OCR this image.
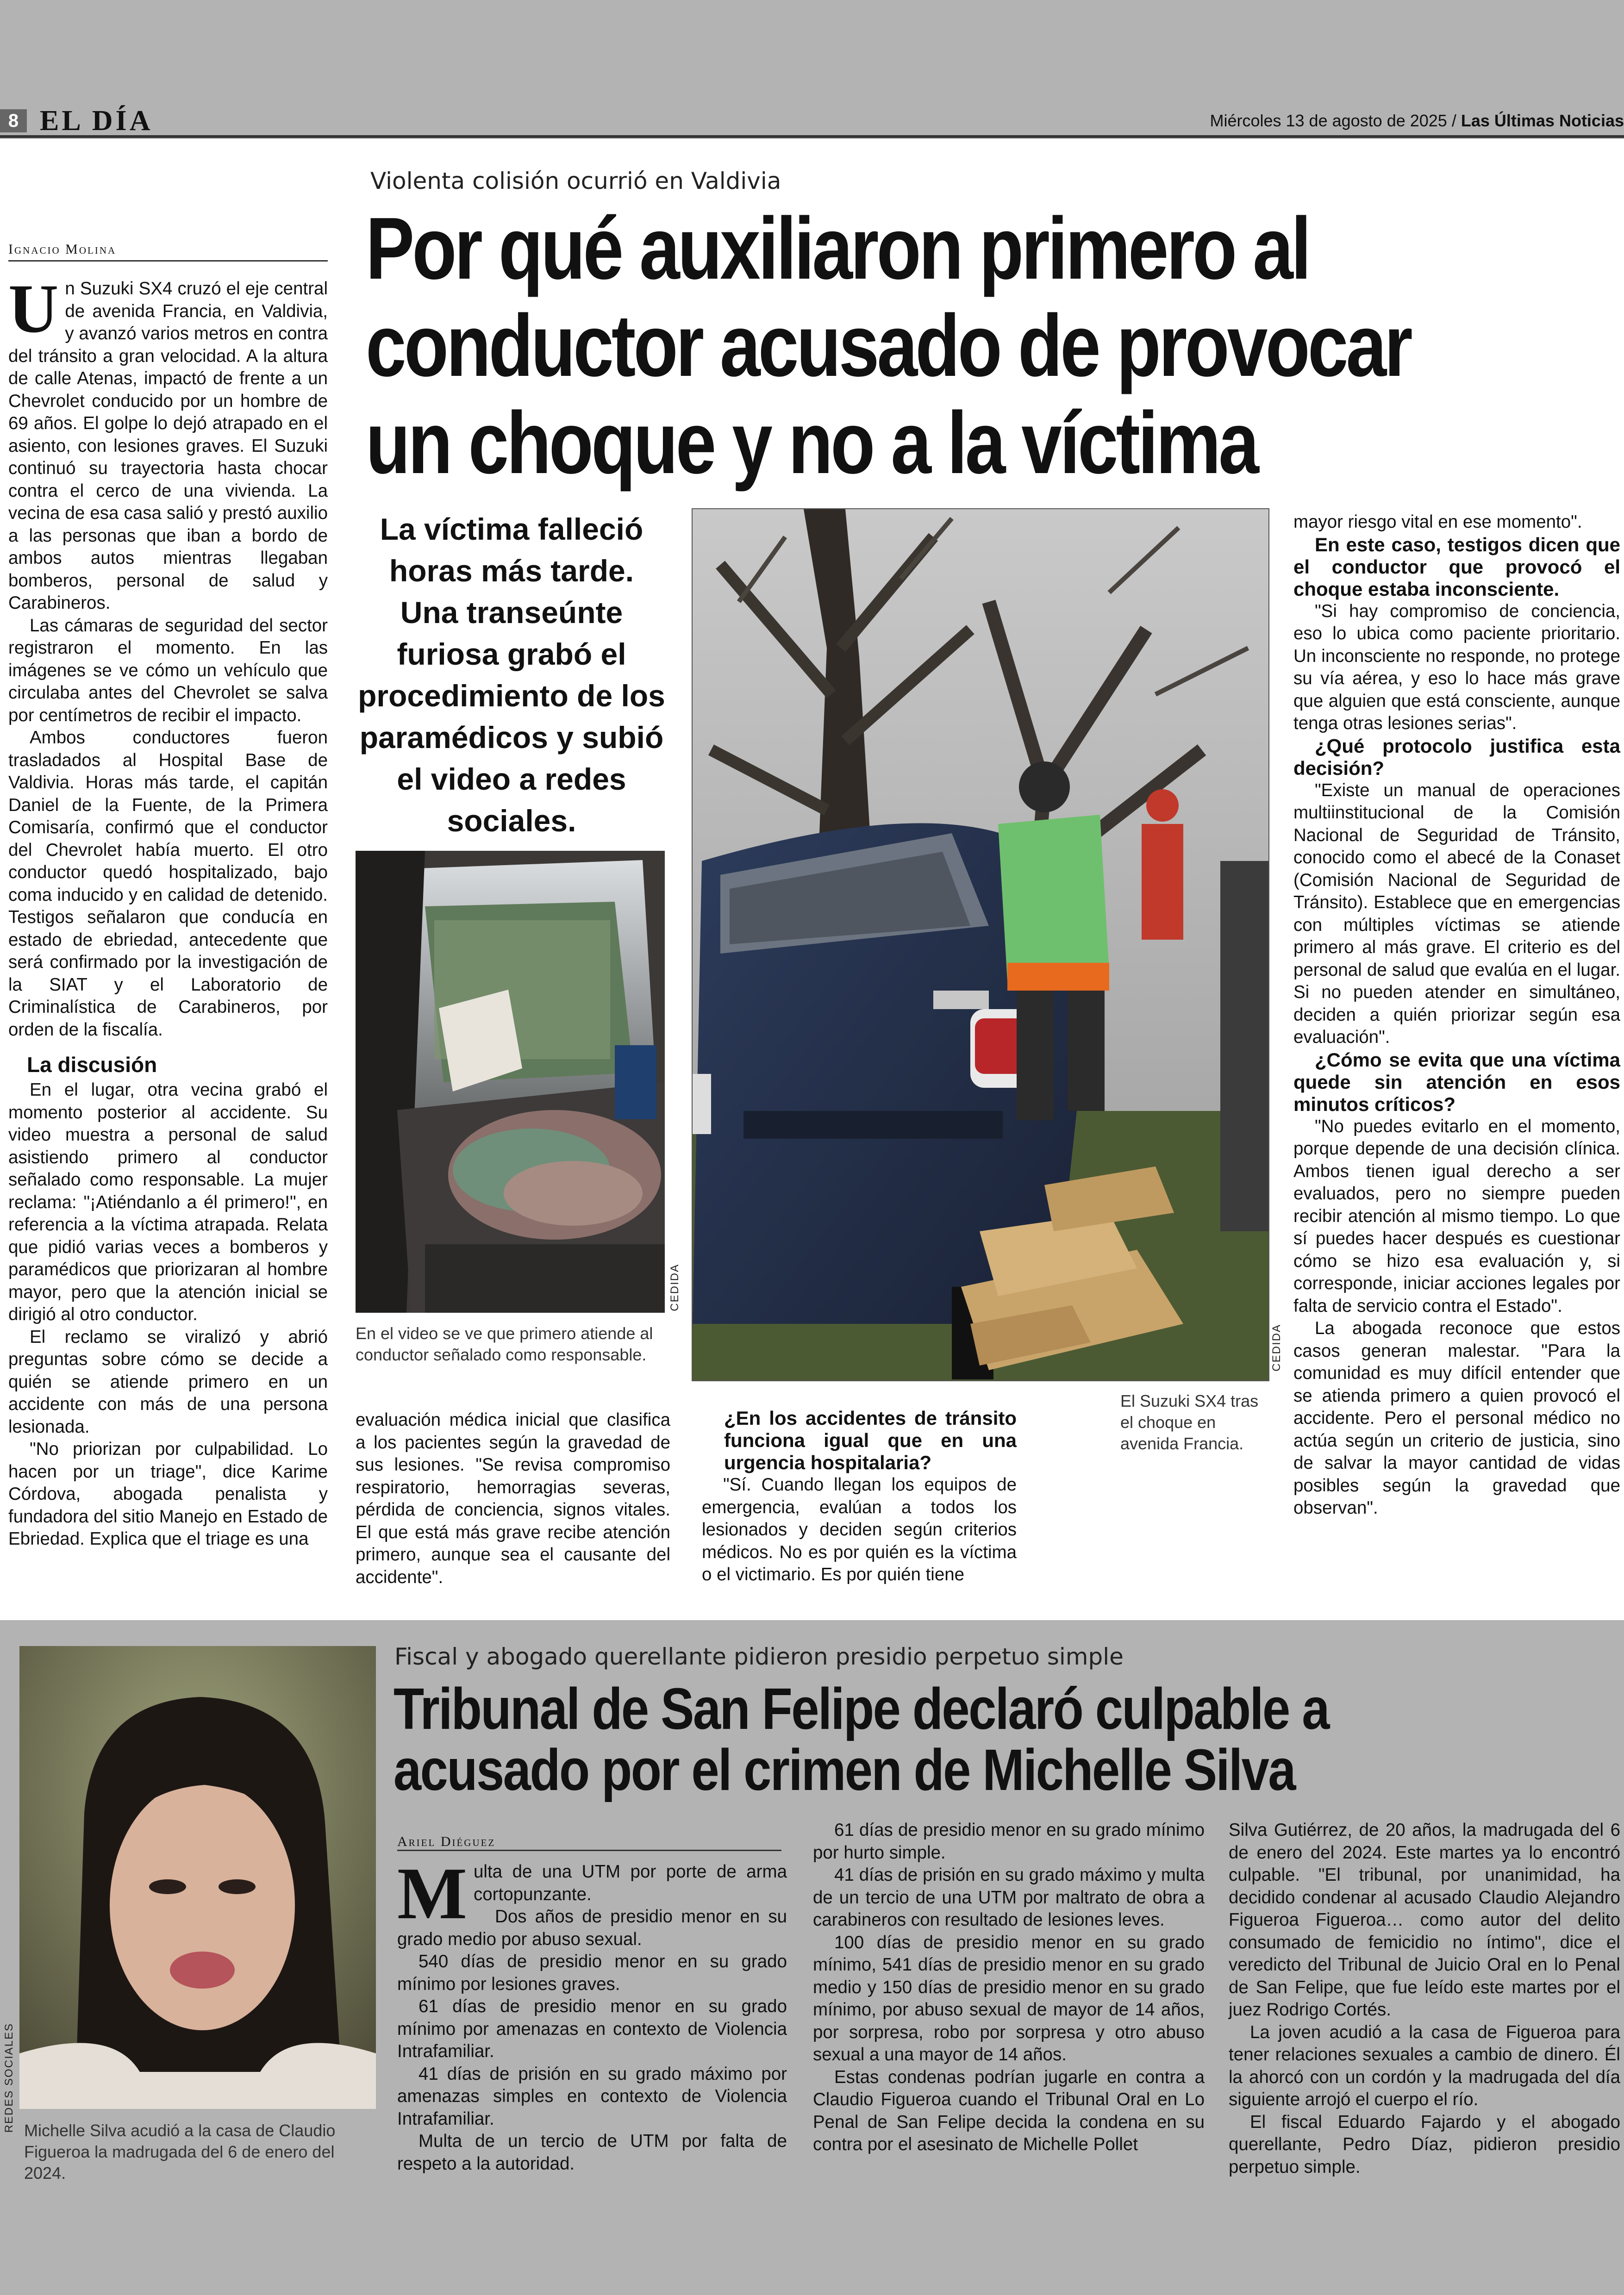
8 EL DÍA	Miércoles 13 de agosto de 2025 / Las Últimas Noticias
Violenta colisión ocurrió en Valdivia
Por qué auxiliaron primero al
conductor acusado de provocar
un choque y no a la víctima
Ignacio Molina

Un Suzuki SX4 cruzó el eje central de avenida Francia, en Valdivia, y avanzó varios metros en contra del tránsito a gran velocidad. A la altura de calle Atenas, impactó de frente a un Chevrolet conducido por un hombre de 69 años. El golpe lo dejó atrapado en el asiento, con lesiones graves. El Suzuki continuó su trayectoria hasta chocar contra el cerco de una vivienda. La vecina de esa casa salió y prestó auxilio a las personas que iban a bordo de ambos autos mientras llegaban bomberos, personal de salud y Carabineros.

Las cámaras de seguridad del sector registraron el momento. En las imágenes se ve cómo un vehículo que circulaba antes del Chevrolet se salva por centímetros de recibir el impacto.

Ambos conductores fueron trasladados al Hospital Base de Valdivia. Horas más tarde, el capitán Daniel de la Fuente, de la Primera Comisaría, confirmó que el conductor del Chevrolet había muerto. El otro conductor quedó hospitalizado, bajo coma inducido y en calidad de detenido. Testigos señalaron que conducía en estado de ebriedad, antecedente que será confirmado por la investigación de la SIAT y el Laboratorio de Criminalística de Carabineros, por orden de la fiscalía.

La discusión

En el lugar, otra vecina grabó el momento posterior al accidente. Su video muestra a personal de salud asistiendo primero al conductor señalado como responsable. La mujer reclama: "¡Atiéndanlo a él primero!", en referencia a la víctima atrapada. Relata que pidió varias veces a bomberos y paramédicos que priorizaran al hombre mayor, pero que la atención inicial se dirigió al otro conductor.

El reclamo se viralizó y abrió preguntas sobre cómo se decide a quién se atiende primero en un accidente con más de una persona lesionada.

"No priorizan por culpabilidad. Lo hacen por un triage", dice Karime Córdova, abogada penalista y fundadora del sitio Manejo en Estado de Ebriedad. Explica que el triage es una

La víctima falleció horas más tarde. Una transeúnte furiosa grabó el procedimiento de los paramédicos y subió el video a redes sociales.
CEDIDA
En el video se ve que primero atiende al conductor señalado como responsable.

evaluación médica inicial que clasifica a los pacientes según la gravedad de sus lesiones. "Se revisa compromiso respiratorio, hemorragias severas, pérdida de conciencia, signos vitales. El que está más grave recibe atención primero, aunque sea el causante del accidente".

CEDIDA
El Suzuki SX4 tras el choque en avenida Francia.

¿En los accidentes de tránsito funciona igual que en una urgencia hospitalaria?

"Sí. Cuando llegan los equipos de emergencia, evalúan a todos los lesionados y deciden según criterios médicos. No es por quién es la víctima o el victimario. Es por quién tiene

mayor riesgo vital en ese momento".

En este caso, testigos dicen que el conductor que provocó el choque estaba inconsciente.

"Si hay compromiso de conciencia, eso lo ubica como paciente prioritario. Un inconsciente no responde, no protege su vía aérea, y eso lo hace más grave que alguien que está consciente, aunque tenga otras lesiones serias".

¿Qué protocolo justifica esta decisión?

"Existe un manual de operaciones multiinstitucional de la Comisión Nacional de Seguridad de Tránsito, conocido como el abecé de la Conaset (Comisión Nacional de Seguridad de Tránsito). Establece que en emergencias con múltiples víctimas se atiende primero al más grave. El criterio es del personal de salud que evalúa en el lugar. Si no pueden atender en simultáneo, deciden a quién priorizar según esa evaluación".

¿Cómo se evita que una víctima quede sin atención en esos minutos críticos?

"No puedes evitarlo en el momento, porque depende de una decisión clínica. Ambos tienen igual derecho a ser evaluados, pero no siempre pueden recibir atención al mismo tiempo. Lo que sí puedes hacer después es cuestionar cómo se hizo esa evaluación y, si corresponde, iniciar acciones legales por falta de servicio contra el Estado".

La abogada reconoce que estos casos generan malestar. "Para la comunidad es muy difícil entender que se atienda primero a quien provocó el accidente. Pero el personal médico no actúa según un criterio de justicia, sino de salvar la mayor cantidad de vidas posibles según la gravedad que observan".

REDES SOCIALES Michelle Silva acudió a la casa de Claudio Figueroa la madrugada del 6 de enero del 2024.
Fiscal y abogado querellante pidieron presidio perpetuo simple
Tribunal de San Felipe declaró culpable a
acusado por el crimen de Michelle Silva
Ariel Diéguez

Multa de una UTM por porte de arma cortopunzante.

Dos años de presidio menor en su grado medio por abuso sexual.

540 días de presidio menor en su grado mínimo por lesiones graves.

61 días de presidio menor en su grado mínimo por amenazas en contexto de Violencia Intrafamiliar.

41 días de prisión en su grado máximo por amenazas simples en contexto de Violencia Intrafamiliar.

Multa de un tercio de UTM por falta de respeto a la autoridad.

61 días de presidio menor en su grado mínimo por hurto simple.

41 días de prisión en su grado máximo y multa de un tercio de una UTM por maltrato de obra a carabineros con resultado de lesiones leves.

100 días de presidio menor en su grado mínimo, 541 días de presidio menor en su grado medio y 150 días de presidio menor en su grado mínimo, por abuso sexual de mayor de 14 años, por sorpresa, robo por sorpresa y otro abuso sexual a una mayor de 14 años.

Estas condenas podrían jugarle en contra a Claudio Figueroa cuando el Tribunal Oral en Lo Penal de San Felipe decida la condena en su contra por el asesinato de Michelle Pollet

Silva Gutiérrez, de 20 años, la madrugada del 6 de enero del 2024. Este martes ya lo encontró culpable. "El tribunal, por unanimidad, ha decidido condenar al acusado Claudio Alejandro Figueroa Figueroa… como autor del delito consumado de femicidio no íntimo", dice el veredicto del Tribunal de Juicio Oral en lo Penal de San Felipe, que fue leído este martes por el juez Rodrigo Cortés.

La joven acudió a la casa de Figueroa para tener relaciones sexuales a cambio de dinero. Él la ahorcó con un cordón y la madrugada del día siguiente arrojó el cuerpo el río.

El fiscal Eduardo Fajardo y el abogado querellante, Pedro Díaz, pidieron presidio perpetuo simple.
